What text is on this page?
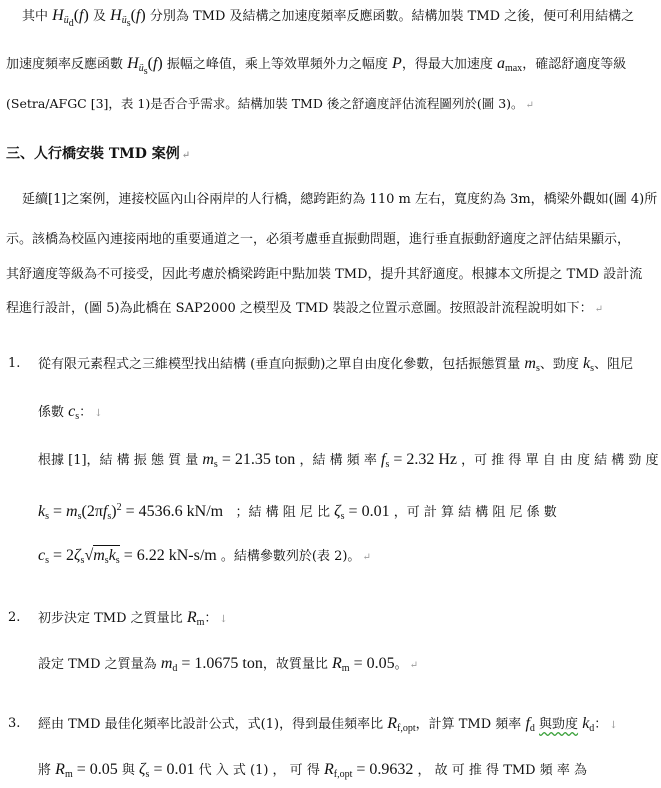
其中 $H_{üd}(f)$ 及 $H_{üs}(f)$ 分別為 TMD 及結構之加速度頻率反應函數。結構加裝 TMD 之後，便可利用結構之
加速度頻率反應函數 $H_{üs}(f)$ 振幅之峰值，乘上等效單頻外力之幅度 P，得最大加速度 $a_{max}$，確認舒適度等級
(Setra/AFGC [3]，表 1)是否合乎需求。結構加裝 TMD 後之舒適度評估流程圖列於(圖 3)。 ↵
三、人行橋安裝 TMD 案例 ↵
延續[1]之案例，連接校區內山谷兩岸的人行橋，總跨距約為 110 m 左右，寬度約為 3m，橋梁外觀如(圖 4)所
示。該橋為校區內連接兩地的重要通道之一，必須考慮垂直振動問題，進行垂直振動舒適度之評估結果顯示，
其舒適度等級為不可接受，因此考慮於橋梁跨距中點加裝 TMD，提升其舒適度。根據本文所提之 TMD 設計流
程進行設計，(圖 5)為此橋在 SAP2000 之模型及 TMD 裝設之位置示意圖。按照設計流程說明如下： ↵
1. 從有限元素程式之三維模型找出結構 (垂直向振動)之單自由度化參數，包括振態質量 $m_s$、勁度 $k_s$、阻尼
係數 $c_s$： ↓
根據 [1]，結 構 振 態 質 量 $m_s = 21.35$ ton ，結 構 頻 率 $f_s = 2.32$ Hz ，可 推 得 單 自 由 度 結 構 勁 度
$k_s = m_s(2\pi f_s)^2 = 4536.6$ kN/m ；結 構 阻 尼 比 $\zeta_s = 0.01$ ，可 計 算 結 構 阻 尼 係 數
$c_s = 2\zeta_s√m_sk_s = 6.22$ kN-s/m 。結構參數列於(表 2)。 ↵
2. 初步決定 TMD 之質量比 $R_m$： ↓
設定 TMD 之質量為 $m_d = 1.0675$ ton，故質量比 $R_m = 0.05$。 ↵
3. 經由 TMD 最佳化頻率比設計公式，式(1)，得到最佳頻率比 $R_{f,opt}$，計算 TMD 頻率 $f_d$ 與勁度 $k_d$： ↓
將 $R_m = 0.05$ 與 $\zeta_s = 0.01$ 代 入 式 (1) ， 可 得 $R_{f,opt} = 0.9632$ ， 故 可 推 得 TMD 頻 率 為
